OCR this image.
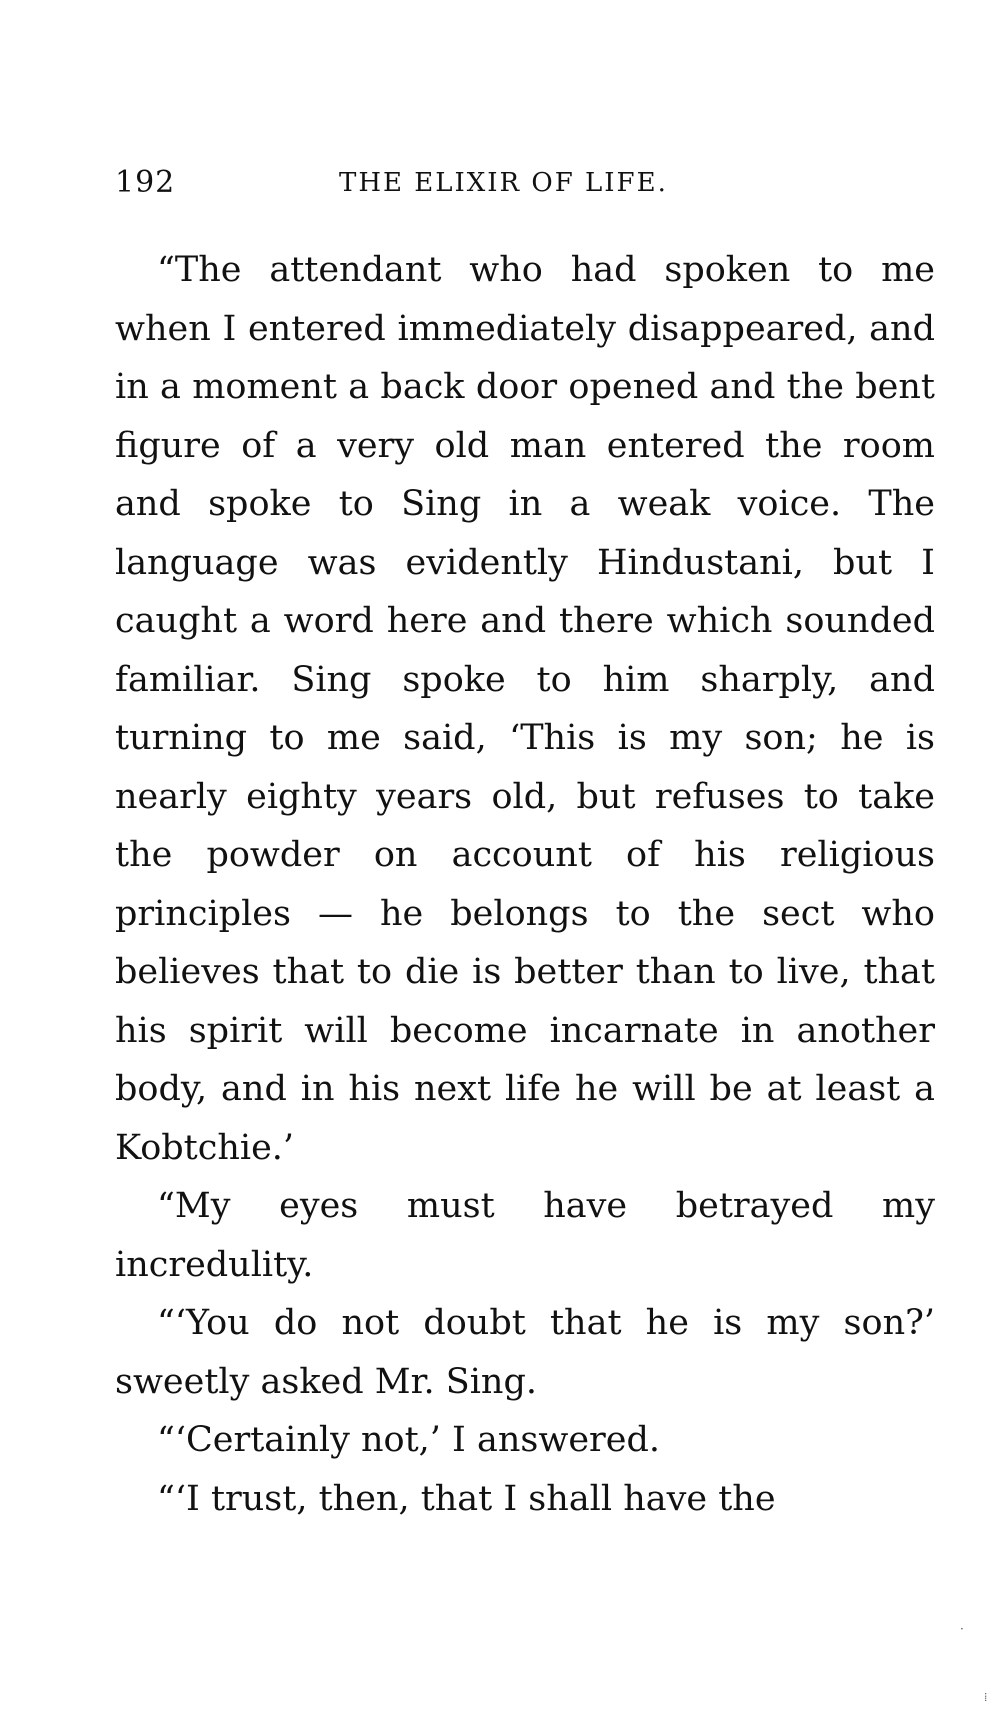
192	THE ELIXIR OF LIFE.

“The attendant who had spoken to me when I entered immediately disappeared, and in a moment a back door opened and the bent figure of a very old man entered the room and spoke to Sing in a weak voice. The language was evidently Hindustani, but I caught a word here and there which sounded familiar. Sing spoke to him sharply, and turning to me said, ‘This is my son; he is nearly eighty years old, but refuses to take the powder on account of his religious principles — he belongs to the sect who believes that to die is better than to live, that his spirit will become incarnate in another body, and in his next life he will be at least a Kobtchie.’

“My eyes must have betrayed my incredulity.

“‘You do not doubt that he is my son?’ sweetly asked Mr. Sing.

“‘Certainly not,’ I answered.

“‘I trust, then, that I shall have the

·
⁞
